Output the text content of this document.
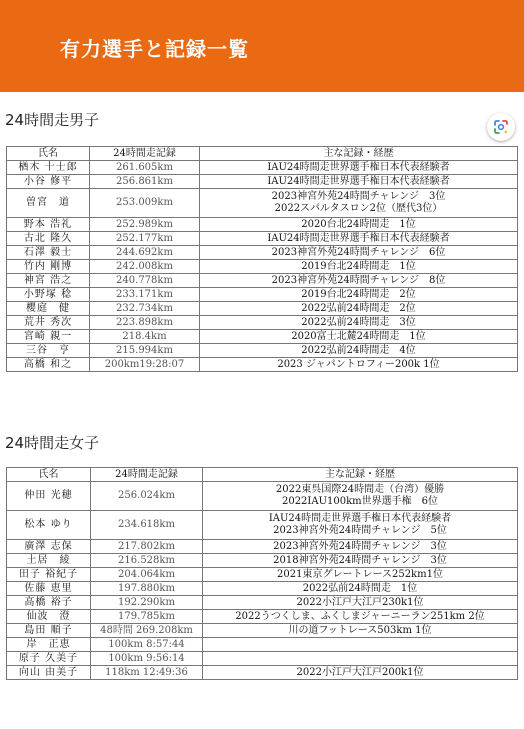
有力選手と記録一覧
24時間走男子
氏名	24時間走記録	主な記録・経歴
楢木 十士郎	261.605km	IAU24時間走世界選手権日本代表経験者

小谷 修平	256.861km	IAU24時間走世界選手権日本代表経験者

曽宮　道	253.009km	2023神宮外苑24時間チャレンジ　3位
2022スパルタスロン2位（歴代3位）

野本 浩礼	252.989km	2020台北24時間走　1位

古北 隆久	252.177km	IAU24時間走世界選手権日本代表経験者

石澤 毅士	244.692km	2023神宮外苑24時間チャレンジ　6位

竹内 剛博	242.008km	2019台北24時間走　1位

神宮 浩之	240.778km	2023神宮外苑24時間チャレンジ　8位

小野塚 稔	233.171km	2019台北24時間走　2位

櫻庭　健	232.734km	2022弘前24時間走　2位

荒井 秀次	223.898km	2022弘前24時間走　3位

宮崎 親一	218.4km	2020富士北麓24時間走　1位

三谷　亨	215.994km	2022弘前24時間走　4位

高橋 和之	200km19:28:07	2023 ジャパントロフィー200k 1位
24時間走女子
氏名	24時間走記録	主な記録・経歴
仲田 光穂	256.024km	2022東呉国際24時間走（台湾）優勝
2022IAU100km世界選手権　6位

松本 ゆり	234.618km	IAU24時間走世界選手権日本代表経験者
2023神宮外苑24時間チャレンジ　5位

廣澤 志保	217.802km	2023神宮外苑24時間チャレンジ　3位

土居　綾	216.528km	2018神宮外苑24時間チャレンジ　3位

田子 裕紀子	204.064km	2021東京グレートレース252km1位

佐藤 恵里	197.880km	2022弘前24時間走　1位

高橋 裕子	192.290km	2022小江戸大江戸230k1位

仙波　澄	179.785km	2022うつくしま、ふくしまジャーニーラン251km 2位

島田 順子	48時間 269.208km	川の道フットレース503km 1位

岸　正恵	100km 8:57:44	

原子 久美子	100km 9:56:14	

向山 由美子	118km 12:49:36	2022小江戸大江戸200k1位
